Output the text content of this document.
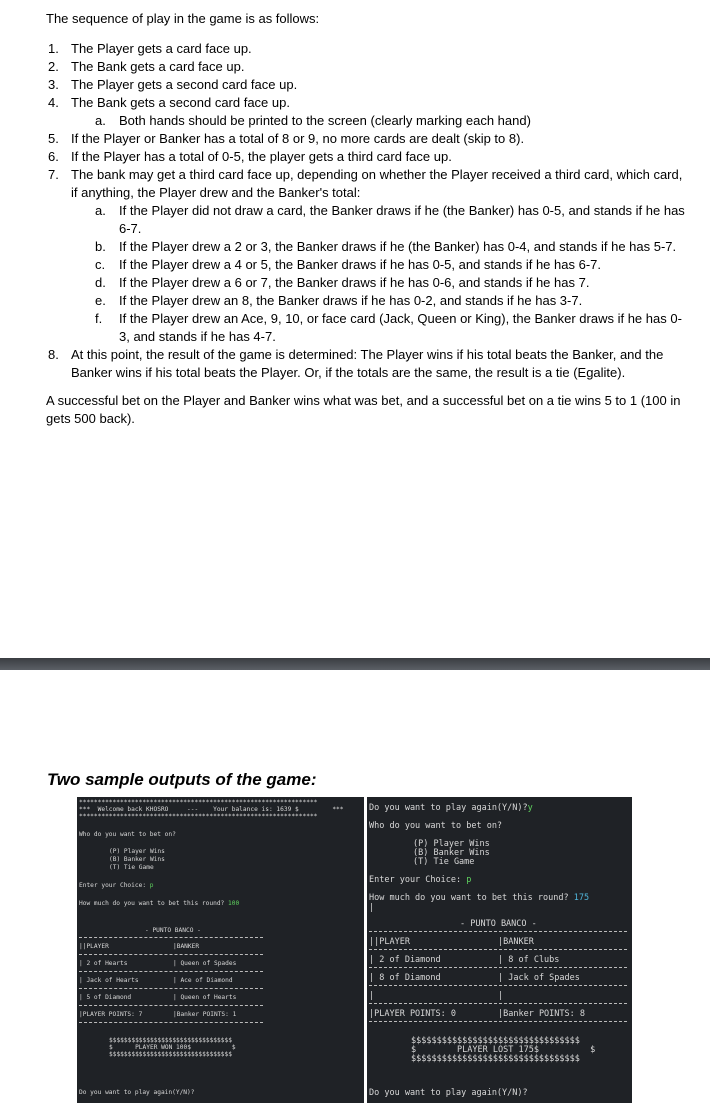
The sequence of play in the game is as follows:

1. The Player gets a card face up.
2. The Bank gets a card face up.
3. The Player gets a second card face up.
4. The Bank gets a second card face up.
a. Both hands should be printed to the screen (clearly marking each hand)
5. If the Player or Banker has a total of 8 or 9, no more cards are dealt (skip to 8).
6. If the Player has a total of 0-5, the player gets a third card face up.
7. The bank may get a third card face up, depending on whether the Player received a third card, which card, if anything, the Player drew and the Banker's total:
a. If the Player did not draw a card, the Banker draws if he (the Banker) has 0-5, and stands if he has 6-7.
b. If the Player drew a 2 or 3, the Banker draws if he (the Banker) has 0-4, and stands if he has 5-7.
c. If the Player drew a 4 or 5, the Banker draws if he has 0-5, and stands if he has 6-7.
d. If the Player drew a 6 or 7, the Banker draws if he has 0-6, and stands if he has 7.
e. If the Player drew an 8, the Banker draws if he has 0-2, and stands if he has 3-7.
f. If the Player drew an Ace, 9, 10, or face card (Jack, Queen or King), the Banker draws if he has 0-3, and stands if he has 4-7.
8. At this point, the result of the game is determined: The Player wins if his total beats the Banker, and the Banker wins if his total beats the Player. Or, if the totals are the same, the result is a tie (Egalite).

A successful bet on the Player and Banker wins what was bet, and a successful bet on a tie wins 5 to 1 (100 in gets 500 back).

Two sample outputs of the game:
****************************************************************
***  Welcome back KHOSRO     ---    Your balance is: 1639 $         ***
****************************************************************
Who do you want to bet on?
(P) Player Wins
(B) Banker Wins
(T) Tie Game
Enter your Choice: p
How much do you want to bet this round? 100
- PUNTO BANCO -
||PLAYER	|BANKER
| 2 of Hearts	| Queen of Spades
| Jack of Hearts	| Ace of Diamond
| 5 of Diamond	| Queen of Hearts
|PLAYER POINTS: 7	|Banker POINTS: 1
$$$$$$$$$$$$$$$$$$$$$$$$$$$$$$$$$
$      PLAYER WON 100$           $
$$$$$$$$$$$$$$$$$$$$$$$$$$$$$$$$$
Do you want to play again(Y/N)?
Do you want to play again(Y/N)?y
Who do you want to bet on?
(P) Player Wins
(B) Banker Wins
(T) Tie Game
Enter your Choice: p
How much do you want to bet this round? 175
|
- PUNTO BANCO -
||PLAYER	|BANKER
| 2 of Diamond	| 8 of Clubs
| 8 of Diamond	| Jack of Spades
|	|
|PLAYER POINTS: 0	|Banker POINTS: 8
$$$$$$$$$$$$$$$$$$$$$$$$$$$$$$$$$
$        PLAYER LOST 175$          $
$$$$$$$$$$$$$$$$$$$$$$$$$$$$$$$$$
Do you want to play again(Y/N)?
